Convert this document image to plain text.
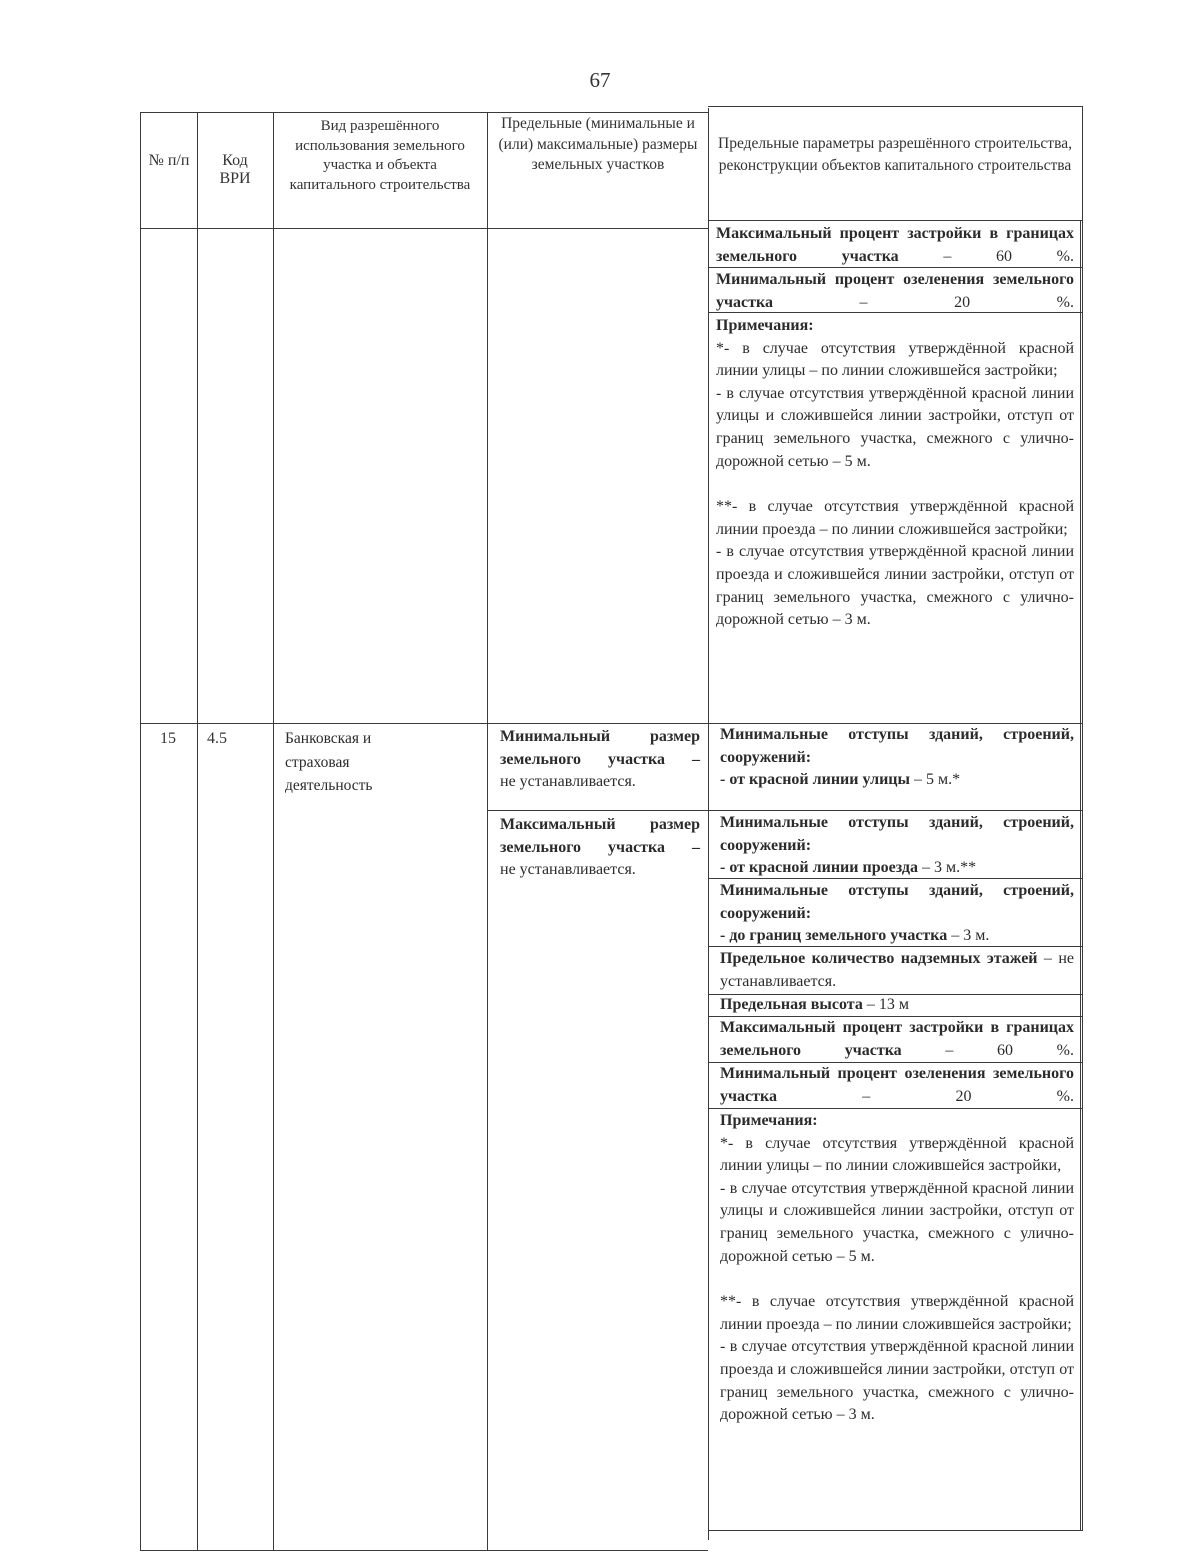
67
№ п/п	Код ВРИ
Вид разрешённого использования земельного участка и объекта капитального строительства
Предельные (минимальные и (или) максимальные) размеры земельных участков
Предельные параметры разрешённого строительства, реконструкции объектов капитального строительства
Максимальный процент застройки в границах земельного участка – 60 %.
Минимальный процент озеленения земельного участка – 20 %.
Примечания:
*- в случае отсутствия утверждённой красной линии улицы – по линии сложившейся застройки;
- в случае отсутствия утверждённой красной линии улицы и сложившейся линии застройки, отступ от границ земельного участка, смежного с улично-дорожной сетью – 5 м.
**- в случае отсутствия утверждённой красной линии проезда – по линии сложившейся застройки;
- в случае отсутствия утверждённой красной линии проезда и сложившейся линии застройки, отступ от границ земельного участка, смежного с улично-дорожной сетью – 3 м.
15 4.5	Банковская и страховая деятельность
Минимальный размер земельного участка –
не устанавливается.
Максимальный размер земельного участка –
не устанавливается.
Минимальные отступы зданий, строений, сооружений:
- от красной линии улицы – 5 м.*
Минимальные отступы зданий, строений, сооружений:
- от красной линии проезда – 3 м.**
Минимальные отступы зданий, строений, сооружений:
- до границ земельного участка – 3 м.
Предельное количество надземных этажей – не устанавливается.
Предельная высота – 13 м
Максимальный процент застройки в границах земельного участка – 60 %.
Минимальный процент озеленения земельного участка – 20 %.
Примечания:
*- в случае отсутствия утверждённой красной линии улицы – по линии сложившейся застройки,
- в случае отсутствия утверждённой красной линии улицы и сложившейся линии застройки, отступ от границ земельного участка, смежного с улично-дорожной сетью – 5 м.
**- в случае отсутствия утверждённой красной линии проезда – по линии сложившейся застройки;
- в случае отсутствия утверждённой красной линии проезда и сложившейся линии застройки, отступ от границ земельного участка, смежного с улично-дорожной сетью – 3 м.
